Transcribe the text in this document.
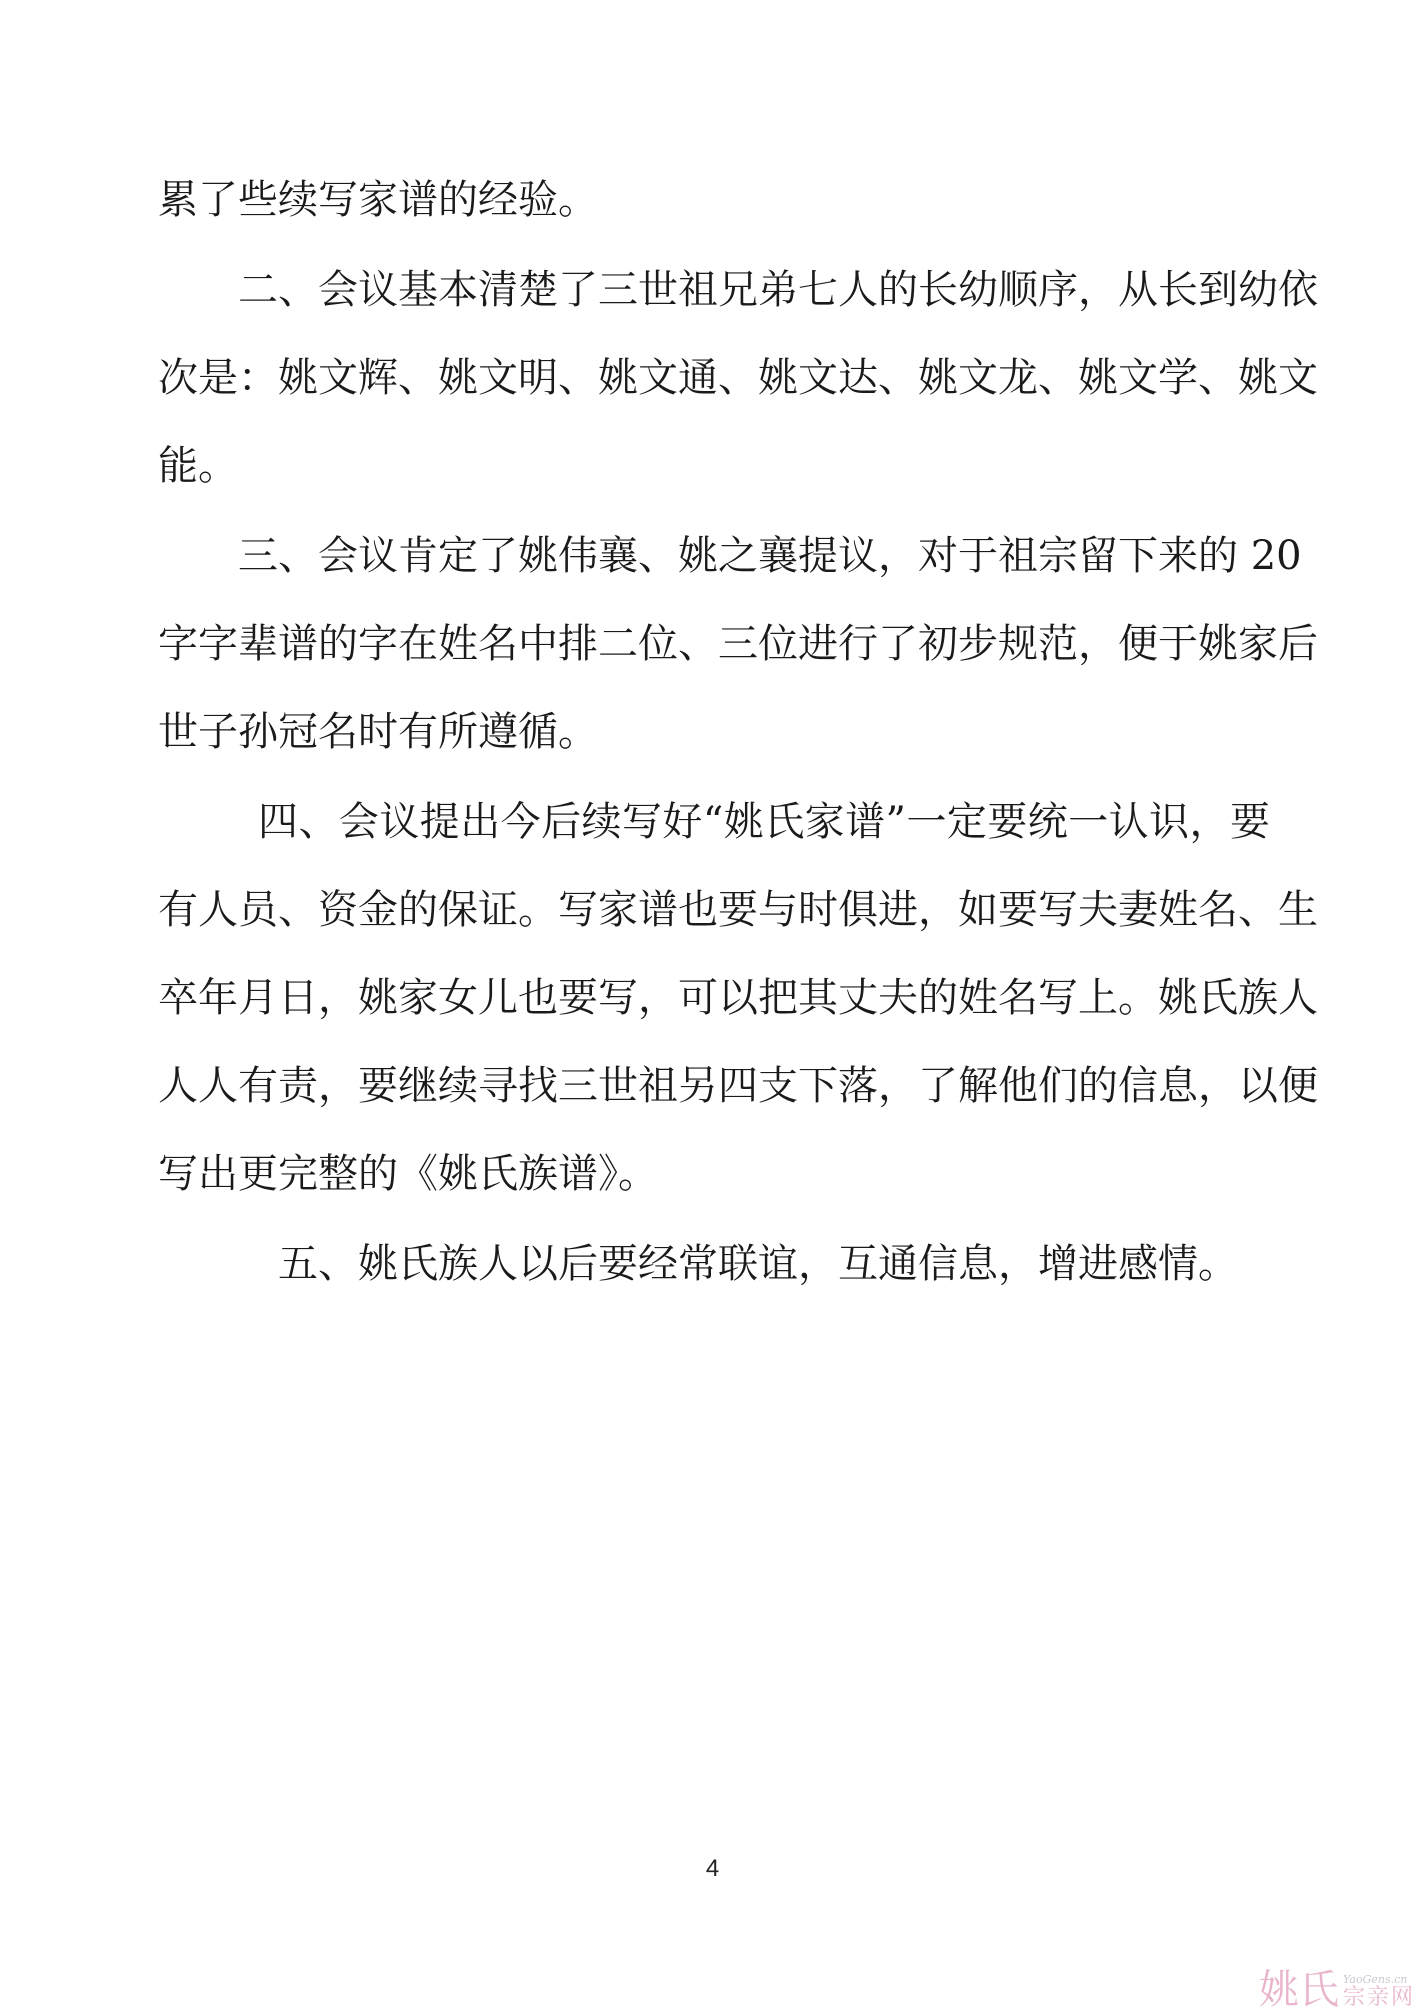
累了些续写家谱的经验。
二、会议基本清楚了三世祖兄弟七人的长幼顺序，从长到幼依
次是：姚文辉、姚文明、姚文通、姚文达、姚文龙、姚文学、姚文
能。
三、会议肯定了姚伟襄、姚之襄提议，对于祖宗留下来的 20
字字辈谱的字在姓名中排二位、三位进行了初步规范，便于姚家后
世子孙冠名时有所遵循。
四、会议提出今后续写好“姚氏家谱”一定要统一认识，要
有人员、资金的保证。写家谱也要与时俱进，如要写夫妻姓名、生
卒年月日，姚家女儿也要写，可以把其丈夫的姓名写上。姚氏族人
人人有责，要继续寻找三世祖另四支下落，了解他们的信息，以便
写出更完整的《姚氏族谱》。
五、姚氏族人以后要经常联谊，互通信息，增进感情。
4
姚氏 YaoGens.cn
宗亲网
